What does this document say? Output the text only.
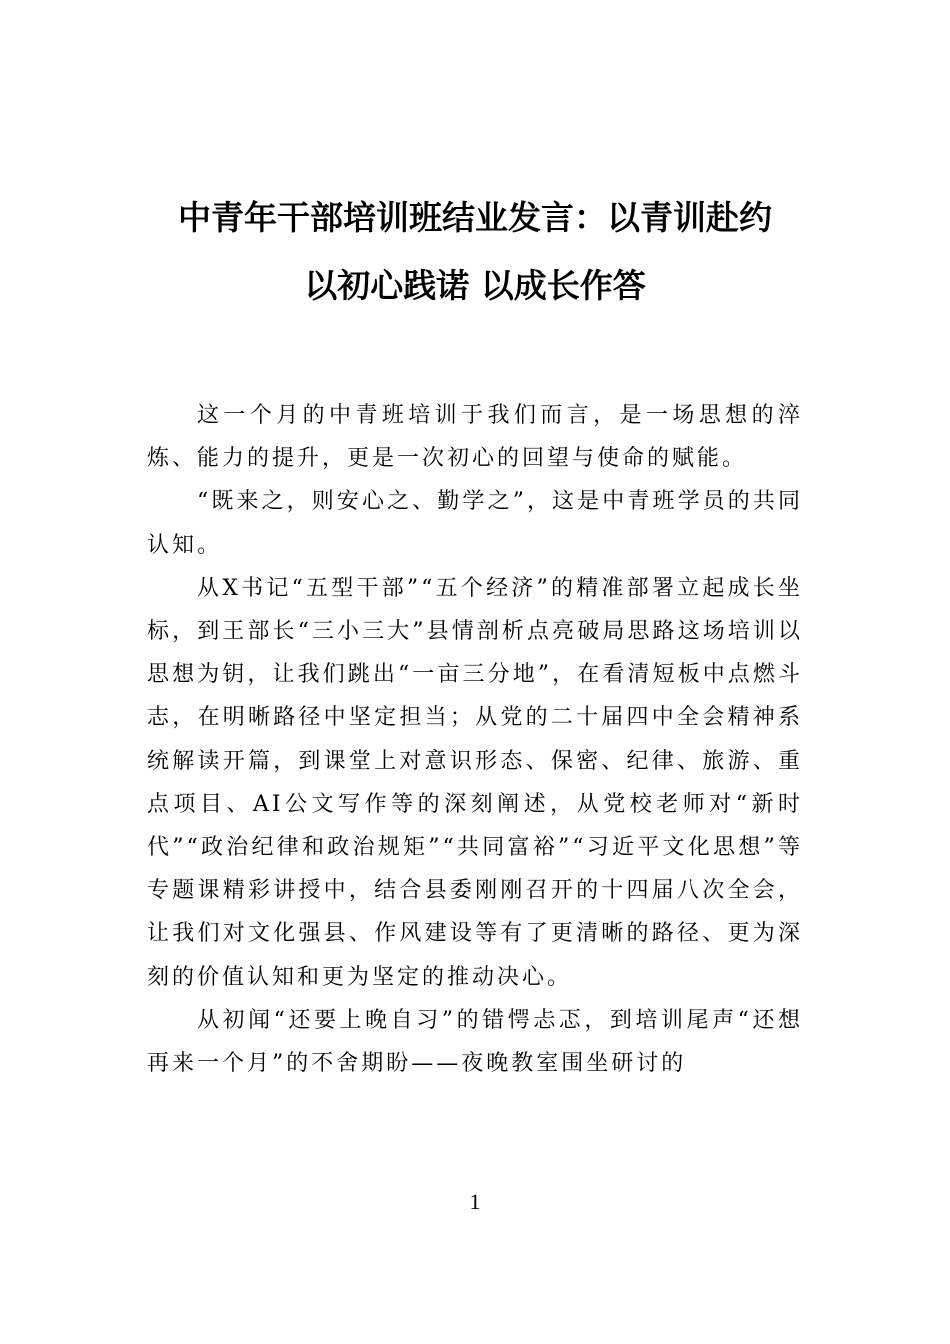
中青年干部培训班结业发言：以青训赴约
以初心践诺 以成长作答

这一个月的中青班培训于我们而言，是一场思想的淬炼、能力的提升，更是一次初心的回望与使命的赋能。

“既来之，则安心之、勤学之”，这是中青班学员的共同认知。

从X书记“五型干部”“五个经济”的精准部署立起成长坐标，到王部长“三小三大”县情剖析点亮破局思路这场培训以思想为钥，让我们跳出“一亩三分地”，在看清短板中点燃斗志，在明晰路径中坚定担当；从党的二十届四中全会精神系统解读开篇，到课堂上对意识形态、保密、纪律、旅游、重点项目、AI公文写作等的深刻阐述，从党校老师对“新时代”“政治纪律和政治规矩”“共同富裕”“习近平文化思想”等专题课精彩讲授中，结合县委刚刚召开的十四届八次全会，让我们对文化强县、作风建设等有了更清晰的路径、更为深刻的价值认知和更为坚定的推动决心。

从初闻“还要上晚自习”的错愕忐忑，到培训尾声“还想再来一个月”的不舍期盼——夜晚教室围坐研讨的

1
